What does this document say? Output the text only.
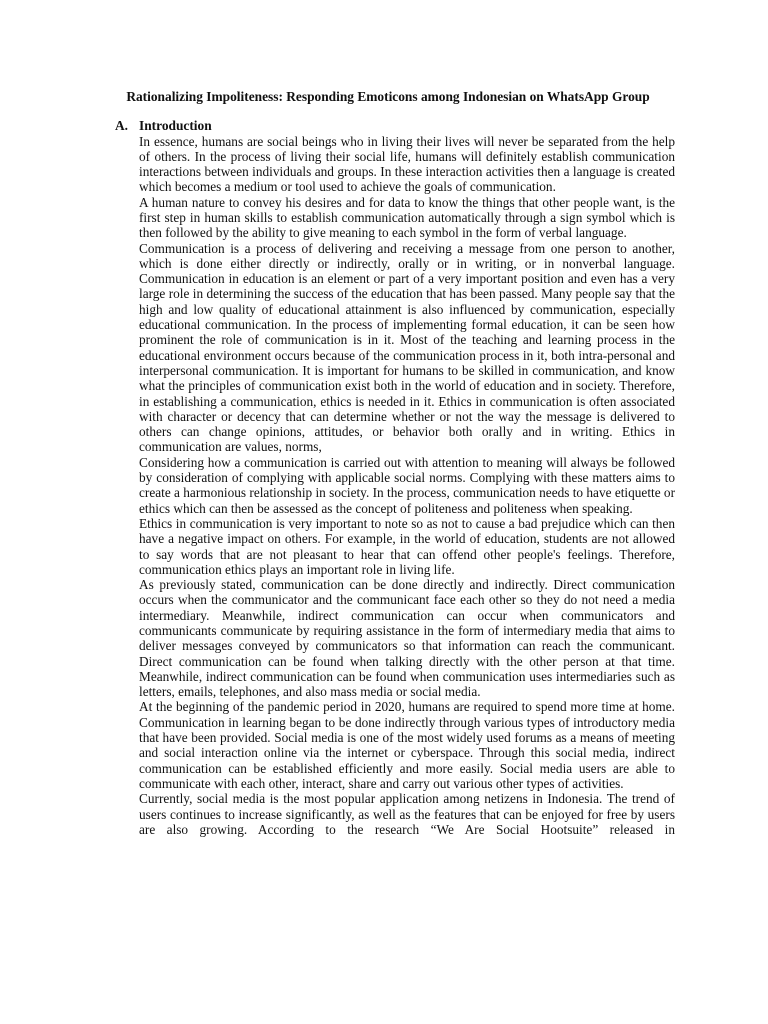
Rationalizing Impoliteness: Responding Emoticons among Indonesian on WhatsApp Group
A. Introduction

In essence, humans are social beings who in living their lives will never be separated from the help of others. In the process of living their social life, humans will definitely establish communication interactions between individuals and groups. In these interaction activities then a language is created which becomes a medium or tool used to achieve the goals of communication.

A human nature to convey his desires and for data to know the things that other people want, is the first step in human skills to establish communication automatically through a sign symbol which is then followed by the ability to give meaning to each symbol in the form of verbal language.

Communication is a process of delivering and receiving a message from one person to another, which is done either directly or indirectly, orally or in writing, or in nonverbal language. Communication in education is an element or part of a very important position and even has a very large role in determining the success of the education that has been passed. Many people say that the high and low quality of educational attainment is also influenced by communication, especially educational communication. In the process of implementing formal education, it can be seen how prominent the role of communication is in it. Most of the teaching and learning process in the educational environment occurs because of the communication process in it, both intra-personal and interpersonal communication. It is important for humans to be skilled in communication, and know what the principles of communication exist both in the world of education and in society. Therefore, in establishing a communication, ethics is needed in it. Ethics in communication is often associated with character or decency that can determine whether or not the way the message is delivered to others can change opinions, attitudes, or behavior both orally and in writing. Ethics in communication are values, norms,

Considering how a communication is carried out with attention to meaning will always be followed by consideration of complying with applicable social norms. Complying with these matters aims to create a harmonious relationship in society. In the process, communication needs to have etiquette or ethics which can then be assessed as the concept of politeness and politeness when speaking.

Ethics in communication is very important to note so as not to cause a bad prejudice which can then have a negative impact on others. For example, in the world of education, students are not allowed to say words that are not pleasant to hear that can offend other people's feelings. Therefore, communication ethics plays an important role in living life.

As previously stated, communication can be done directly and indirectly. Direct communication occurs when the communicator and the communicant face each other so they do not need a media intermediary. Meanwhile, indirect communication can occur when communicators and communicants communicate by requiring assistance in the form of intermediary media that aims to deliver messages conveyed by communicators so that information can reach the communicant. Direct communication can be found when talking directly with the other person at that time. Meanwhile, indirect communication can be found when communication uses intermediaries such as letters, emails, telephones, and also mass media or social media.

At the beginning of the pandemic period in 2020, humans are required to spend more time at home. Communication in learning began to be done indirectly through various types of introductory media that have been provided. Social media is one of the most widely used forums as a means of meeting and social interaction online via the internet or cyberspace. Through this social media, indirect communication can be established efficiently and more easily. Social media users are able to communicate with each other, interact, share and carry out various other types of activities.

Currently, social media is the most popular application among netizens in Indonesia. The trend of users continues to increase significantly, as well as the features that can be enjoyed for free by users are also growing. According to the research “We Are Social Hootsuite” released in
